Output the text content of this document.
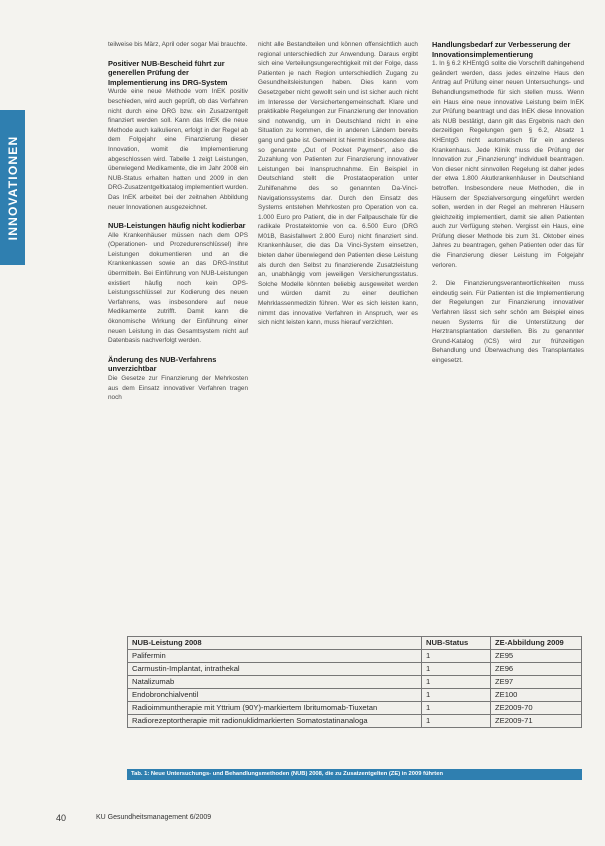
INNOVATIONEN

teilweise bis März, April oder sogar Mai brauchte.

Positiver NUB-Bescheid führt zur generellen Prüfung der Implementierung ins DRG-System

Wurde eine neue Methode vom InEK positiv beschieden, wird auch geprüft, ob das Verfahren nicht durch eine DRG bzw. ein Zusatzentgelt finanziert werden soll. Kann das InEK die neue Methode auch kalkulieren, erfolgt in der Regel ab dem Folgejahr eine Finanzierung dieser Innovation, womit die Implementierung abgeschlossen wird. Tabelle 1 zeigt Leistungen, überwiegend Medikamente, die im Jahr 2008 ein NUB-Status erhalten hatten und 2009 in den DRG-Zusatzentgeltkatalog implementiert wurden. Das InEK arbeitet bei der zeitnahen Abbildung neuer Innovationen ausgezeichnet.

NUB-Leistungen häufig nicht kodierbar

Alle Krankenhäuser müssen nach dem OPS (Operationen- und Prozedurenschlüssel) ihre Leistungen dokumentieren und an die Krankenkassen sowie an das DRG-Institut übermitteln. Bei Einführung von NUB-Leistungen existiert häufig noch kein OPS-Leistungsschlüssel zur Kodierung des neuen Verfahrens, was insbesondere auf neue Medikamente zutrifft. Damit kann die ökonomische Wirkung der Einführung einer neuen Leistung in das Gesamtsystem nicht auf Datenbasis nachverfolgt werden.

Änderung des NUB-Verfahrens unverzichtbar

Die Gesetze zur Finanzierung der Mehrkosten aus dem Einsatz innovativer Verfahren tragen noch

nicht alle Bestandteilen und können offensichtlich auch regional unterschiedlich zur Anwendung. Daraus ergibt sich eine Verteilungsungerechtigkeit mit der Folge, dass Patienten je nach Region unterschiedlich Zugang zu Gesundheitsleistungen haben. Dies kann vom Gesetzgeber nicht gewollt sein und ist sicher auch nicht im Interesse der Versichertengemeinschaft. Klare und praktikable Regelungen zur Finanzierung der Innovation sind notwendig, um in Deutschland nicht in eine Situation zu kommen, die in anderen Ländern bereits gang und gabe ist. Gemeint ist hiermit insbesondere das so genannte „Out of Pocket Payment“, also die Zuzahlung von Patienten zur Finanzierung innovativer Leistungen bei Inanspruchnahme. Ein Beispiel in Deutschland stellt die Prostataoperation unter Zuhilfenahme des so genannten Da-Vinci-Navigationssystems dar. Durch den Einsatz des Systems entstehen Mehrkosten pro Operation von ca. 1.000 Euro pro Patient, die in der Fallpauschale für die radikale Prostatektomie von ca. 6.500 Euro (DRG M01B, Basisfallwert 2.800 Euro) nicht finanziert sind. Krankenhäuser, die das Da Vinci-System einsetzen, bieten daher überwiegend den Patienten diese Leistung als durch den Selbst zu finanzierende Zusatzleistung an, unabhängig vom jeweiligen Versicherungsstatus. Solche Modelle könnten beliebig ausgeweitet werden und würden damit zu einer deutlichen Mehrklassenmedizin führen. Wer es sich leisten kann, nimmt das innovative Verfahren in Anspruch, wer es sich nicht leisten kann, muss hierauf verzichten.

Handlungsbedarf zur Verbesserung der Innovationsimplementierung

1. In § 6.2 KHEntgG sollte die Vorschrift dahingehend geändert werden, dass jedes einzelne Haus den Antrag auf Prüfung einer neuen Untersuchungs- und Behandlungsmethode für sich stellen muss. Wenn ein Haus eine neue innovative Leistung beim InEK zur Prüfung beantragt und das InEK diese Innovation als NUB bestätigt, dann gilt das Ergebnis nach den derzeitigen Regelungen gem § 6.2, Absatz 1 KHEntgG nicht automatisch für ein anderes Krankenhaus. Jede Klinik muss die Prüfung der Innovation zur „Finanzierung“ individuell beantragen. Von dieser nicht sinnvollen Regelung ist daher jedes der etwa 1.800 Akutkrankenhäuser in Deutschland betroffen. Insbesondere neue Methoden, die in Häusern der Spezialversorgung eingeführt werden sollen, werden in der Regel an mehreren Häusern gleichzeitig implementiert, damit sie allen Patienten auch zur Verfügung stehen. Vergisst ein Haus, eine Prüfung dieser Methode bis zum 31. Oktober eines Jahres zu beantragen, gehen Patienten oder das für die Finanzierung dieser Leistung im Folgejahr verloren.

2. Die Finanzierungsverantwortlichkeiten muss eindeutig sein. Für Patienten ist die Implementierung der Regelungen zur Finanzierung innovativer Verfahren lässt sich sehr schön am Beispiel eines neuen Systems für die Unterstützung der Herztransplantation darstellen. Bis zu genannter Grund-Katalog (ICS) wird zur frühzeitigen Behandlung und Überwachung des Transplantates eingesetzt.

NUB-Leistung 2008	NUB-Status	ZE-Abbildung 2009
Palifermin	1	ZE95
Carmustin-Implantat, intrathekal	1	ZE96
Natalizumab	1	ZE97
Endobronchialventil	1	ZE100
Radioimmuntherapie mit Yttrium (90Y)-markiertem Ibritumomab-Tiuxetan	1	ZE2009-70
Radiorezeptortherapie mit radionuklidmarkierten Somatostatinanaloga	1	ZE2009-71
Tab. 1: Neue Untersuchungs- und Behandlungsmethoden (NUB) 2008, die zu Zusatzentgelten (ZE) in 2009 führten
40	KU Gesundheitsmanagement 6/2009
